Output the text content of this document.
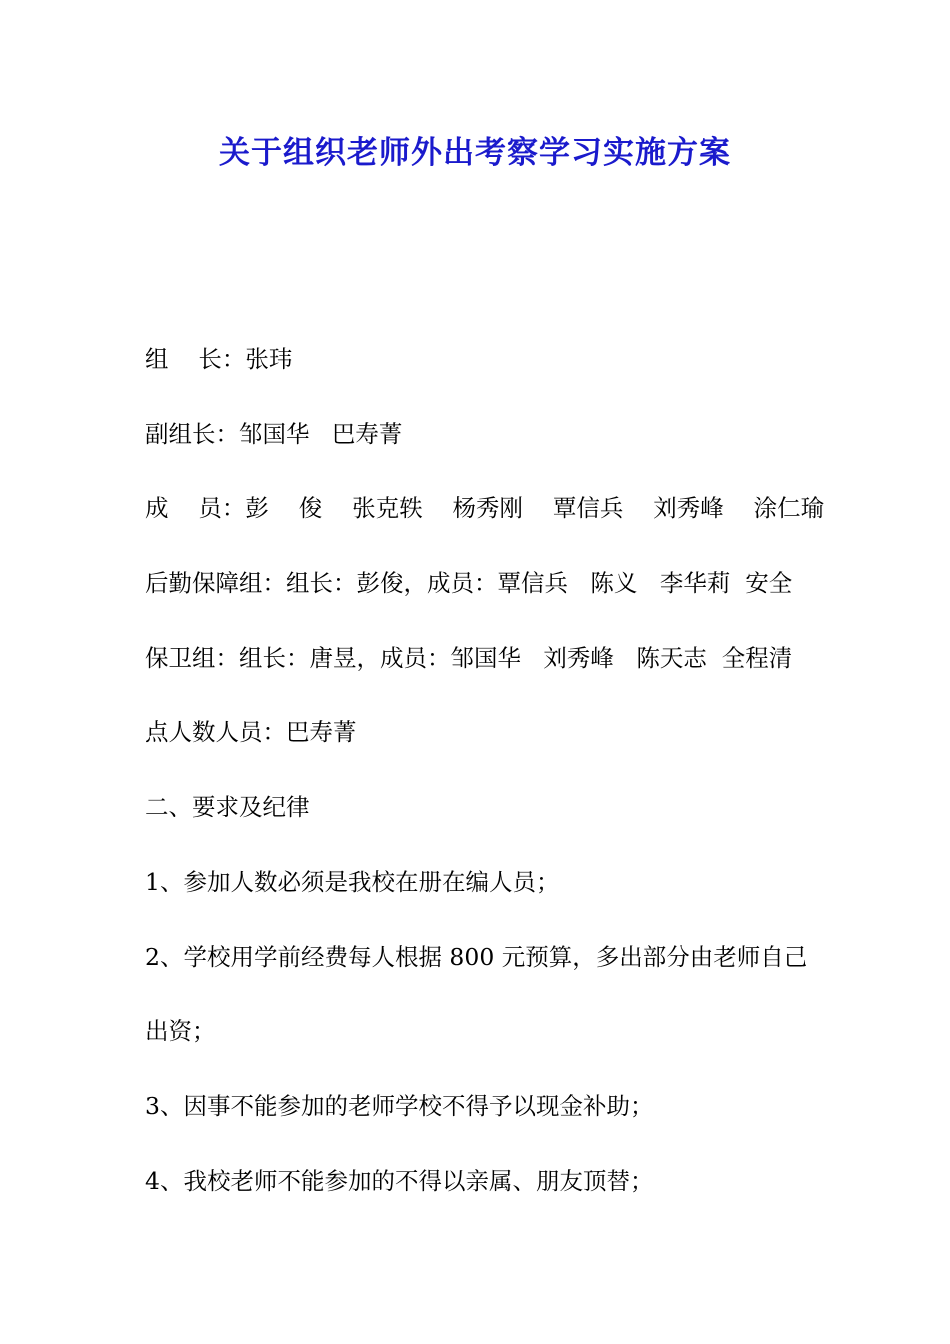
关于组织老师外出考察学习实施方案

组    长：张玮

副组长：邹国华   巴寿菁

成    员：彭    俊    张克轶    杨秀刚    覃信兵    刘秀峰    涂仁瑜

后勤保障组：组长：彭俊，成员：覃信兵   陈义   李华莉  安全

保卫组：组长：唐昱，成员：邹国华   刘秀峰   陈天志  全程清

点人数人员：巴寿菁

二、要求及纪律

1、参加人数必须是我校在册在编人员；

2、学校用学前经费每人根据 800 元预算，多出部分由老师自己

出资；

3、因事不能参加的老师学校不得予以现金补助；

4、我校老师不能参加的不得以亲属、朋友顶替；
